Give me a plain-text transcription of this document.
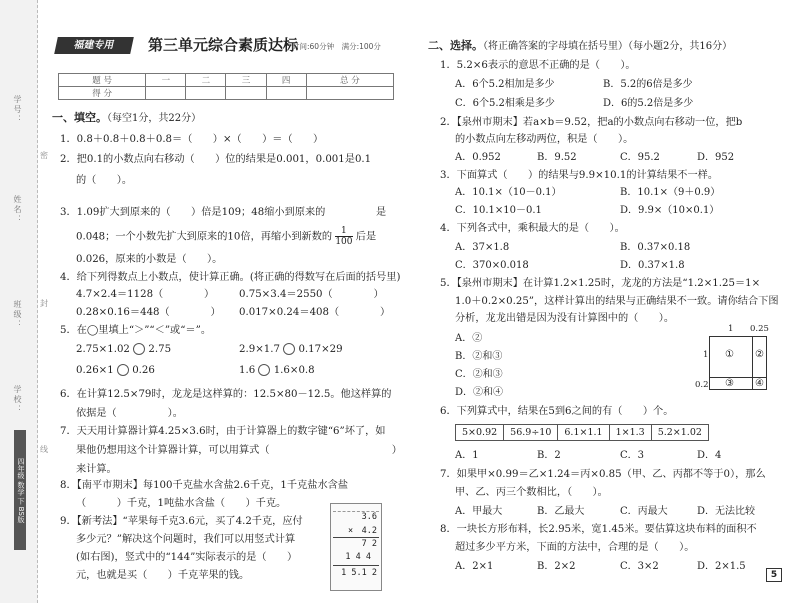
学号：
姓名：
班级：
学校：
密
封
线
四年级 数学 下 BS版
福建专用	第三单元综合素质达标
时间:60分钟　满分:100分
题 号	一	二	三	四	总 分
得 分					
一、填空。（每空1分，共22分）
1．0.8＋0.8＋0.8＋0.8＝（　　）×（　　）＝（　　）
2．把0.1的小数点向右移动（　　）位的结果是0.001，0.001是0.1
的（　　）。
3．1.09扩大到原来的（　　）倍是109；48缩小到原来的	是
0.048；一个小数先扩大到原来的10倍，再缩小到新数的 $\frac{1}{100}$ 后是
0.026，原来的小数是（　　）。
4．给下列得数点上小数点，使计算正确。(将正确的得数写在后面的括号里)
4.7×2.4＝1128（　　　　） 0.75×3.4＝2550（　　　　）
0.28×0.16＝448（　　　　） 0.017×0.24＝408（　　　　）
5．在◯里填上“＞”“＜”或“＝”。
2.75×1.02 2.75	2.9×1.7 0.17×29
0.26×1 0.26	1.6 1.6×0.8
6．在计算12.5×79时，龙龙是这样算的：12.5×80－12.5。他这样算的
依据是（　　　　　）。
7．天天用计算器计算4.25×3.6时，由于计算器上的数字键“6”坏了，如
果他仍想用这个计算器计算，可以用算式（　　　　　　　　　　　　）
来计算。
8．【南平市期末】每100千克盐水含盐2.6千克，1千克盐水含盐
（　　　）千克，1吨盐水含盐（　　）千克。
9．【新考法】“苹果每千克3.6元，买了4.2千克，应付
多少元？”解决这个问题时，我们可以用竖式计算
(如右图)，竖式中的“144”实际表示的是（　　）
元，也就是买（　　）千克苹果的钱。
3.6
×　4.2
7 2
1 4 4
1 5.1 2
二、选择。（将正确答案的字母填在括号里）（每小题2分，共16分）
1．5.2×6表示的意思不正确的是（　　）。
A．6个5.2相加是多少	B．5.2的6倍是多少
C．6个5.2相乘是多少	D．6的5.2倍是多少
2．【泉州市期末】若a×b＝9.52，把a的小数点向右移动一位，把b
的小数点向左移动两位，积是（　　）。
A．0.952	B．9.52	C．95.2	D．952
3．下面算式（　　）的结果与9.9×10.1的计算结果不一样。
A．10.1×（10－0.1）	B．10.1×（9＋0.9）
C．10.1×10－0.1	D．9.9×（10×0.1）
4．下列各式中，乘积最大的是（　　）。
A．37×1.8	B．0.37×0.18
C．370×0.018	D．0.37×1.8
5．【泉州市期末】在计算1.2×1.25时，龙龙的方法是“1.2×1.25＝1×
1.0＋0.2×0.25”，这样计算出的结果与正确结果不一致。请你结合下图
分析，龙龙出错是因为没有计算图中的（　　）。
A．②
B．②和③
C．②和③
D．②和④
1 0.25
1
0.2
① ②
③ ④
6．下列算式中，结果在5到6之间的有（　　）个。
5×0.92	56.9÷10	6.1×1.1	1×1.3	5.2×1.02
A．1	B．2	C．3	D．4
7．如果甲×0.99＝乙×1.24＝丙×0.85（甲、乙、丙都不等于0），那么
甲、乙、丙三个数相比，（　　）。
A．甲最大	B．乙最大	C．丙最大	D．无法比较
8．一块长方形布料，长2.95米，宽1.45米。要估算这块布料的面积不
超过多少平方米，下面的方法中，合理的是（　　）。
A．2×1	B．2×2	C．3×2	D．2×1.5
5
